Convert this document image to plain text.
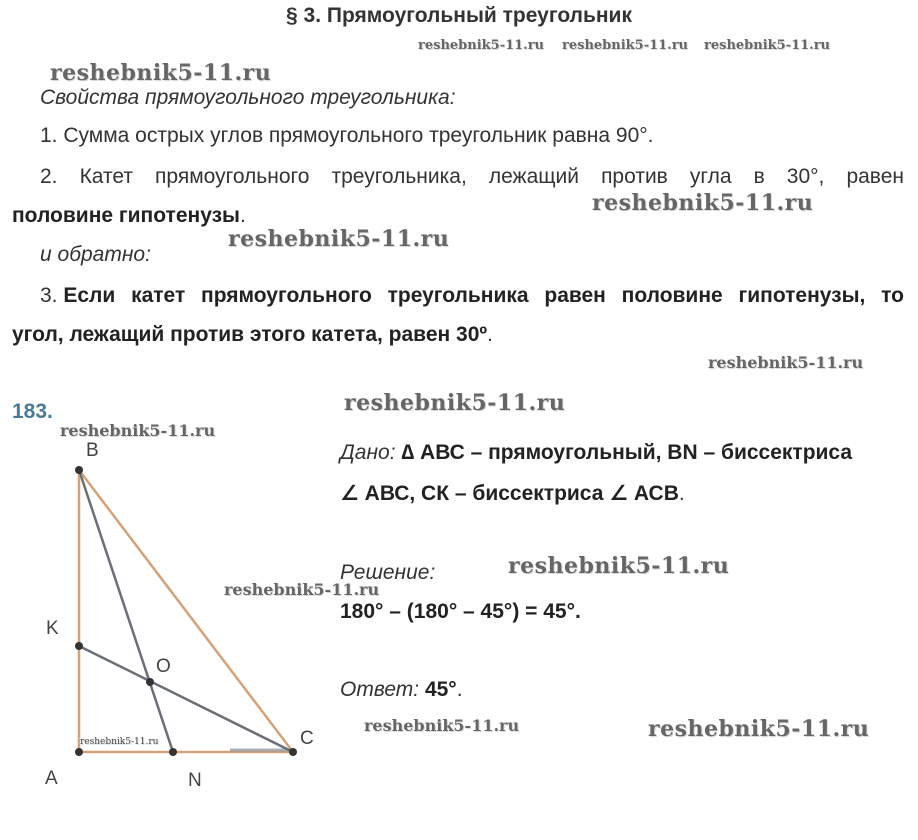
§ 3. Прямоугольный треугольник
reshebnik5-11.ru reshebnik5-11.ru reshebnik5-11.ru
reshebnik5-11.ru
Свойства прямоугольного треугольника:
1. Сумма острых углов прямоугольного треугольник равна 90°.
2. Катет прямоугольного треугольника, лежащий против угла в 30°, равен
половине гипотенузы.	reshebnik5-11.ru
reshebnik5-11.ru
и обратно:
3. Если катет прямоугольного треугольника равен половине гипотенузы, то
угол, лежащий против этого катета, равен 30º.
reshebnik5-11.ru
183.	reshebnik5-11.ru
reshebnik5-11.ru
B
K
O
C
A	N
reshebnik5-11.ru
reshebnik5-11.ru
Дано: ∆ АВС – прямоугольный, BN – биссектриса
∠ АВС, СК – биссектриса ∠ АСВ.
Решение:	reshebnik5-11.ru
180° – (180° – 45°) = 45°.
Ответ: 45°.
reshebnik5-11.ru	reshebnik5-11.ru
